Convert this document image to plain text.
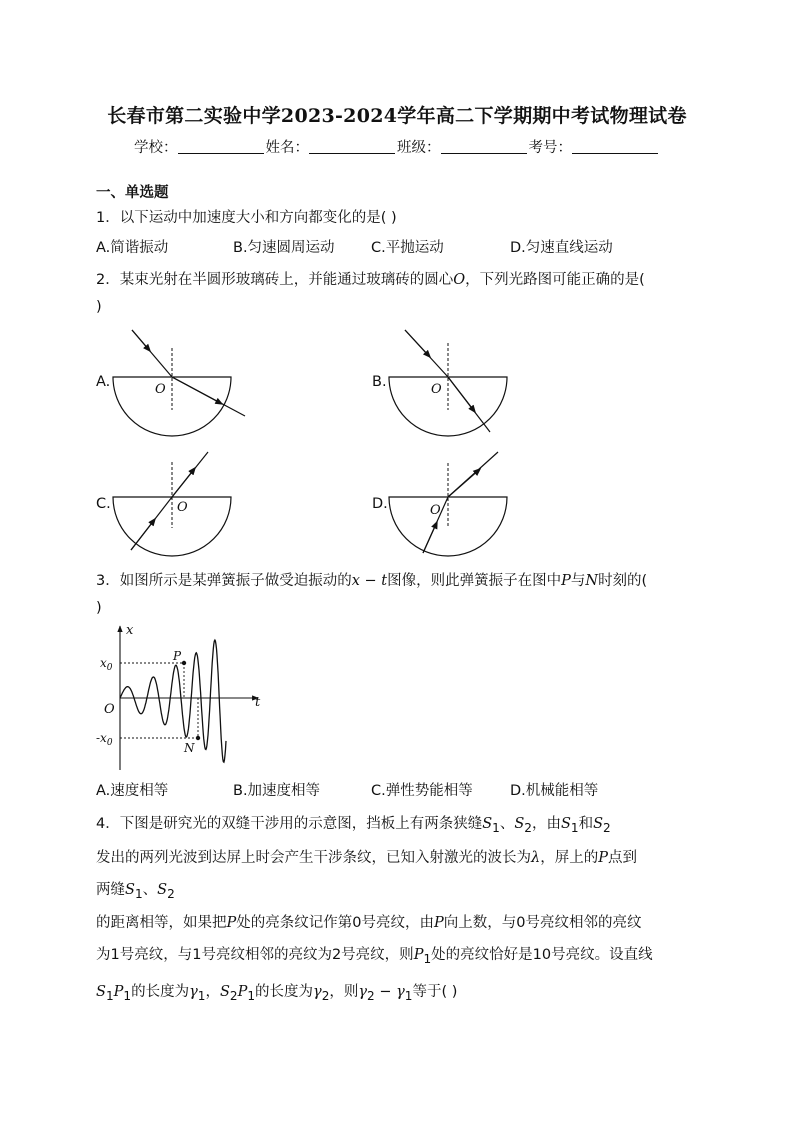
长春市第二实验中学2023-2024学年高二下学期期中考试物理试卷
学校：	姓名：	班级：	考号：
一、单选题
1．以下运动中加速度大小和方向都变化的是( )
A.简谐振动	B.匀速圆周运动	C.平抛运动	D.匀速直线运动
2．某束光射在半圆形玻璃砖上，并能通过玻璃砖的圆心O，下列光路图可能正确的是(
)
A.	B.
C.	D.
O	O
O	O
3．如图所示是某弹簧振子做受迫振动的x − t图像，则此弹簧振子在图中P与N时刻的(
)
x
t
O
$x_0$
$-x_0$
P
N
A.速度相等	B.加速度相等	C.弹性势能相等	D.机械能相等
4．下图是研究光的双缝干涉用的示意图，挡板上有两条狭缝$S_1$、$S_2$，由$S_1$和$S_2$
发出的两列光波到达屏上时会产生干涉条纹，已知入射激光的波长为λ，屏上的P点到
两缝$S_1$、$S_2$
的距离相等，如果把P处的亮条纹记作第0号亮纹，由P向上数，与0号亮纹相邻的亮纹
为1号亮纹，与1号亮纹相邻的亮纹为2号亮纹，则$P_1$处的亮纹恰好是10号亮纹。设直线
$S_1P_1$的长度为$\gamma_1$，$S_2P_1$的长度为$\gamma_2$，则$\gamma_2 - \gamma_1$等于( )
